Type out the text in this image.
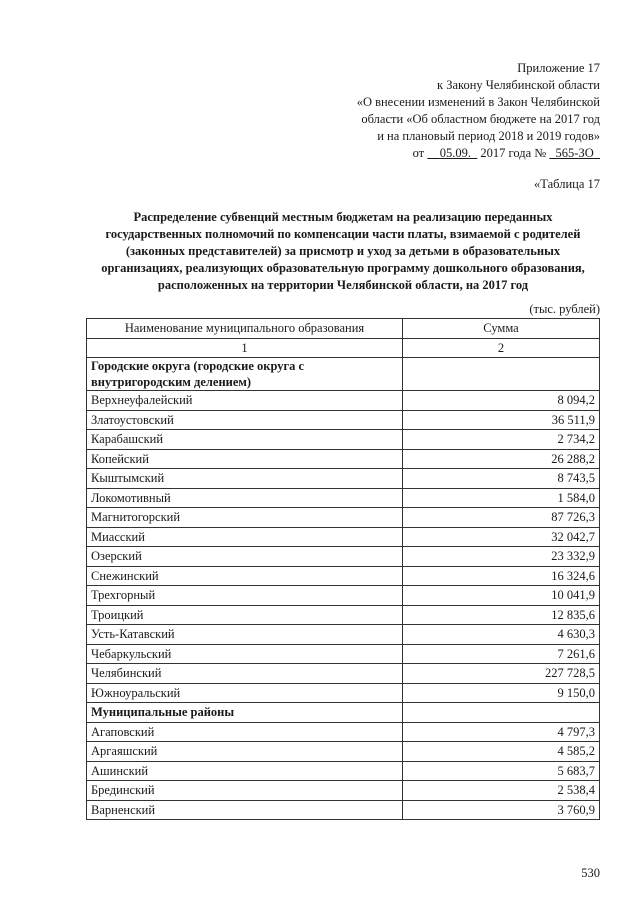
Приложение 17
к Закону Челябинской области
«О внесении изменений в Закон Челябинской
области «Об областном бюджете на 2017 год
и на плановый период 2018 и 2019 годов»
от 05.09. 2017 года № 565-ЗО
«Таблица 17
Распределение субвенций местным бюджетам на реализацию переданных государственных полномочий по компенсации части платы, взимаемой с родителей (законных представителей) за присмотр и уход за детьми в образовательных организациях, реализующих образовательную программу дошкольного образования, расположенных на территории Челябинской области, на 2017 год
(тыс. рублей)
Наименование муниципального образования	Сумма
1	2
Городские округа (городские округа с внутригородским делением)	
Верхнеуфалейский	8 094,2
Златоустовский	36 511,9
Карабашский	2 734,2
Копейский	26 288,2
Кыштымский	8 743,5
Локомотивный	1 584,0
Магнитогорский	87 726,3
Миасский	32 042,7
Озерский	23 332,9
Снежинский	16 324,6
Трехгорный	10 041,9
Троицкий	12 835,6
Усть-Катавский	4 630,3
Чебаркульский	7 261,6
Челябинский	227 728,5
Южноуральский	9 150,0
Муниципальные районы	
Агаповский	4 797,3
Аргаяшский	4 585,2
Ашинский	5 683,7
Брединский	2 538,4
Варненский	3 760,9
530
